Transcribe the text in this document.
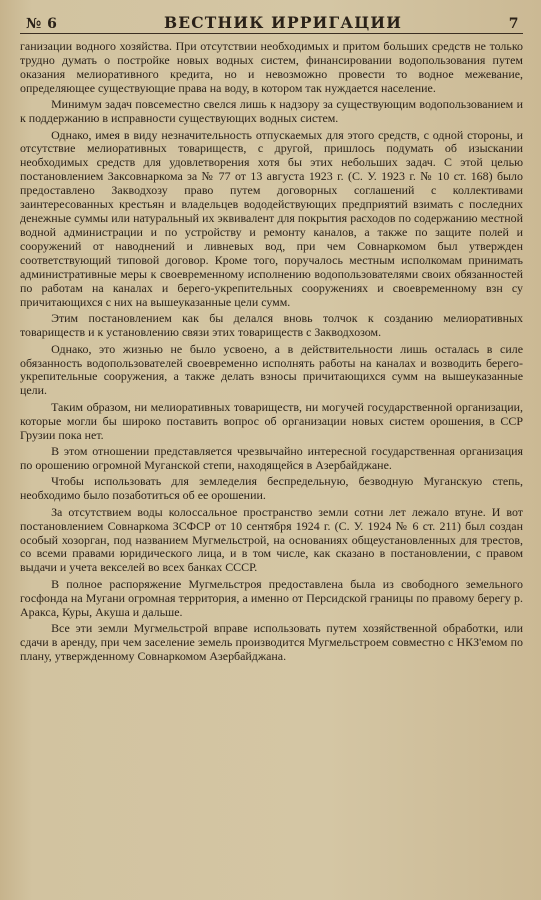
№ 6	ВЕСТНИК ИРРИГАЦИИ	7

ганизации водного хозяйства. При отсутствии необходимых и притом больших средств не только трудно думать о постройке новых водных систем, финансировании водопользования путем оказания мелиоративного кредита, но и невозможно провести то водное межевание, определяющее существующие права на воду, в котором так нуждается население.

Минимум задач повсеместно свелся лишь к надзору за существующим водопользованием и к поддержанию в исправности существующих водных систем.

Однако, имея в виду незначительность отпускаемых для этого средств, с одной стороны, и отсутствие мелиоративных товариществ, с другой, пришлось подумать об изыскании необходимых средств для удовлетворения хотя бы этих небольших задач. С этой целью постановлением Заксовнаркома за № 77 от 13 августа 1923 г. (С. У. 1923 г. № 10 ст. 168) было предоставлено Закводхозу право путем договорных соглашений с коллективами заинтересованных крестьян и владельцев вододействующих предприятий взимать с последних денежные суммы или натуральный их эквивалент для покрытия расходов по содержанию местной водной администрации и по устройству и ремонту каналов, а также по защите полей и сооружений от наводнений и ливневых вод, при чем Совнаркомом был утвержден соответствующий типовой договор. Кроме того, поручалось местным исполкомам принимать административные меры к своевременному исполнению водопользователями своих обязанностей по работам на каналах и берего-укрепительных сооружениях и своевременному взн су причитающихся с них на вышеуказанные цели сумм.

Этим постановлением как бы делался вновь толчок к созданию мелиоративных товариществ и к установлению связи этих товариществ с Закводхозом.

Однако, это жизнью не было усвоено, а в действительности лишь осталась в силе обязанность водопользователей своевременно исполнять работы на каналах и возводить берего-укрепительные сооружения, а также делать взносы причитающихся сумм на вышеуказанные цели.

Таким образом, ни мелиоративных товариществ, ни могучей государственной организации, которые могли бы широко поставить вопрос об организации новых систем орошения, в ССР Грузии пока нет.

В этом отношении представляется чрезвычайно интересной государственная организация по орошению огромной Муганской степи, находящейся в Азербайджане.

Чтобы использовать для земледелия беспредельную, безводную Муганскую степь, необходимо было позаботиться об ее орошении.

За отсутствием воды колоссальное пространство земли сотни лет лежало втуне. И вот постановлением Совнаркома ЗСФСР от 10 сентября 1924 г. (С. У. 1924 № 6 ст. 211) был создан особый хозорган, под названием Мугмельстрой, на основаниях общеустановленных для трестов, со всеми правами юридического лица, и в том числе, как сказано в постановлении, с правом выдачи и учета векселей во всех банках СССР.

В полное распоряжение Мугмельстроя предоставлена была из свободного земельного госфонда на Мугани огромная территория, а именно от Персидской границы по правому берегу р. Аракса, Куры, Акуша и дальше.

Все эти земли Мугмельстрой вправе использовать путем хозяйственной обработки, или сдачи в аренду, при чем заселение земель производится Мугмельстроем совместно с НКЗ'емом по плану, утвержденному Совнаркомом Азербайджана.
